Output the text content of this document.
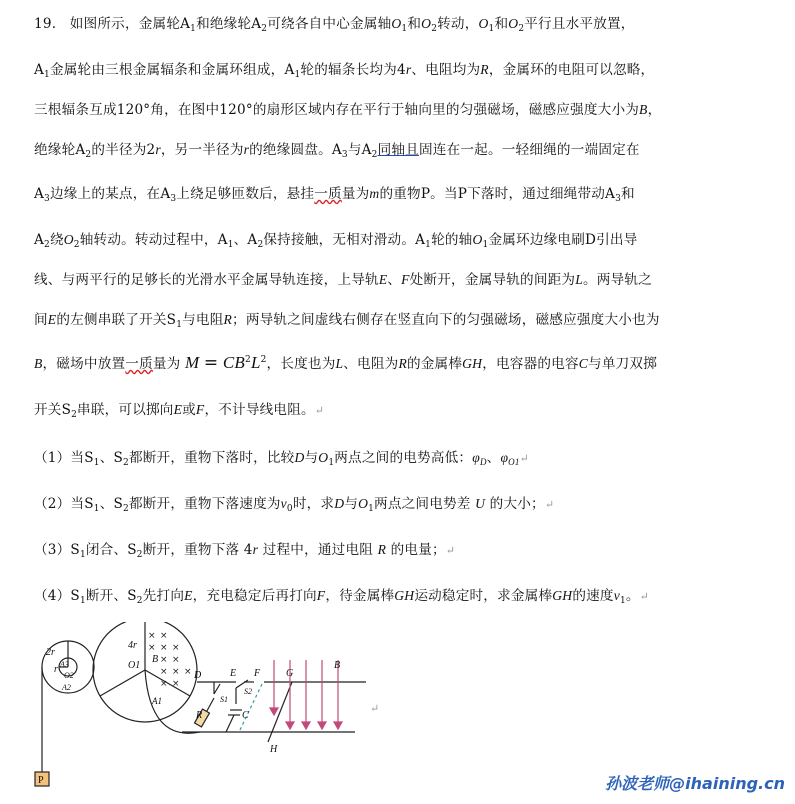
19.   如图所示，金属轮$A_1$和绝缘轮$A_2$可绕各自中心金属轴$O_1$和$O_2$转动，$O_1$和$O_2$平行且水平放置，
$A_1$金属轮由三根金属辐条和金属环组成，$A_1$轮的辐条长均为4r、电阻均为R，金属环的电阻可以忽略，
三根辐条互成120°角，在图中120°的扇形区域内存在平行于轴向里的匀强磁场，磁感应强度大小为B，
绝缘轮$A_2$的半径为2r，另一半径为r的绝缘圆盘。$A_3$与$A_2$同轴且固连在一起。一轻细绳的一端固定在
$A_3$边缘上的某点，在$A_3$上绕足够匝数后，悬挂一质量为m的重物P。当P下落时，通过细绳带动$A_3$和
$A_2$绕$O_2$轴转动。转动过程中，$A_1$、$A_2$保持接触，无相对滑动。$A_1$轮的轴$O_1$金属环边缘电刷D引出导
线、与两平行的足够长的光滑水平金属导轨连接，上导轨E、F处断开，金属导轨的间距为L。两导轨之
间E的左侧串联了开关$S_1$与电阻R；两导轨之间虚线右侧存在竖直向下的匀强磁场，磁感应强度大小也为
B，磁场中放置一质量为 $M = CB^2L^2$，长度也为L、电阻为R的金属棒GH，电容器的电容C与单刀双掷
开关$S_2$串联，可以掷向E或F，不计导线电阻。↵
（1）当$S_1$、$S_2$都断开，重物下落时，比较D与$O_1$两点之间的电势高低：$\varphi_D$、$\varphi_{O1}↵$
（2）当$S_1$、$S_2$都断开，重物下落速度为$v_0$时，求D与$O_1$两点之间电势差 U 的大小；↵
$(3)S_1$闭合、$S_2$断开，重物下落 4r 过程中，通过电阻 R 的电量；↵
$(4)S_1$断开、$S_2$先打向E，充电稳定后再打向F，待金属棒GH运动稳定时，求金属棒GH的速度$v_1$。↵
× ×
× × ×
× ×
× × ×
× ×
2r
r A3
O2
A2
4r
O1
B
A1
D	E F	G
B
S1
S2
R	C
H
P
↵
孙波老师@ihaining.cn
